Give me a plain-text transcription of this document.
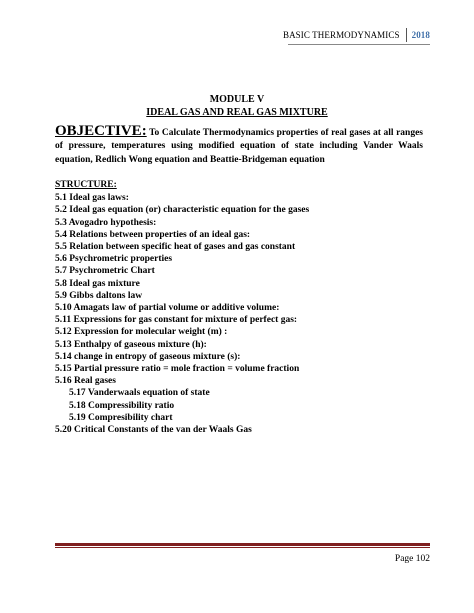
BASIC THERMODYNAMICS 2018
MODULE V
IDEAL GAS AND REAL GAS MIXTURE
OBJECTIVE: To Calculate Thermodynamics properties of real gases at all ranges of pressure, temperatures using modified equation of state including Vander Waals equation, Redlich Wong equation and Beattie-Bridgeman equation
STRUCTURE:
5.1 Ideal gas laws:
5.2 Ideal gas equation (or) characteristic equation for the gases
5.3 Avogadro hypothesis:
5.4 Relations between properties of an ideal gas:
5.5 Relation between specific heat of gases and gas constant
5.6 Psychrometric properties
5.7 Psychrometric Chart
5.8 Ideal gas mixture
5.9 Gibbs daltons law
5.10 Amagats law of partial volume or additive volume:
5.11 Expressions for gas constant for mixture of perfect gas:
5.12 Expression for molecular weight (m) :
5.13 Enthalpy of gaseous mixture (h):
5.14 change in entropy of gaseous mixture (s):
5.15 Partial pressure ratio = mole fraction = volume fraction
5.16 Real gases
5.17 Vanderwaals equation of state
5.18 Compressibility ratio
5.19 Compresibility chart
5.20 Critical Constants of the van der Waals Gas
Page 102
